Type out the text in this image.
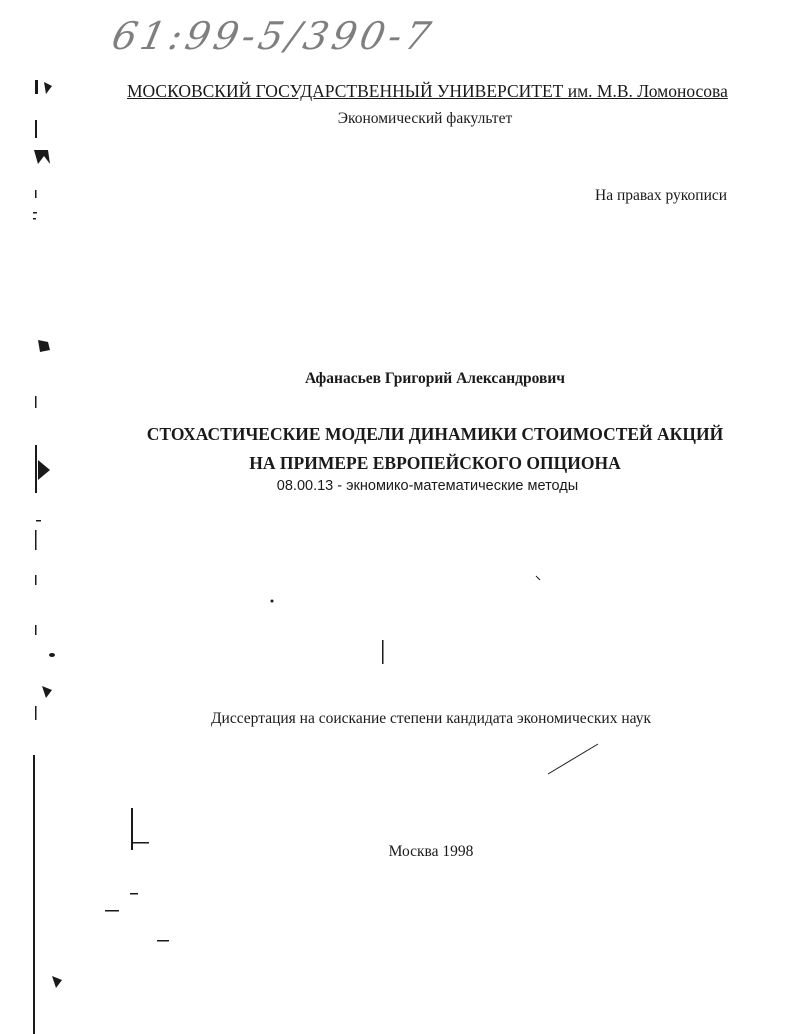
61:99-5/390-7

МОСКОВСКИЙ ГОСУДАРСТВЕННЫЙ УНИВЕРСИТЕТ им. М.В. Ломоносова

Экономический факультет

На правах рукописи

Афанасьев Григорий Александрович

СТОХАСТИЧЕСКИЕ МОДЕЛИ ДИНАМИКИ СТОИМОСТЕЙ АКЦИЙ
НА ПРИМЕРЕ ЕВРОПЕЙСКОГО ОПЦИОНА

08.00.13 - экномико-математические методы

Диссертация на соискание степени кандидата экономических наук

Москва 1998
